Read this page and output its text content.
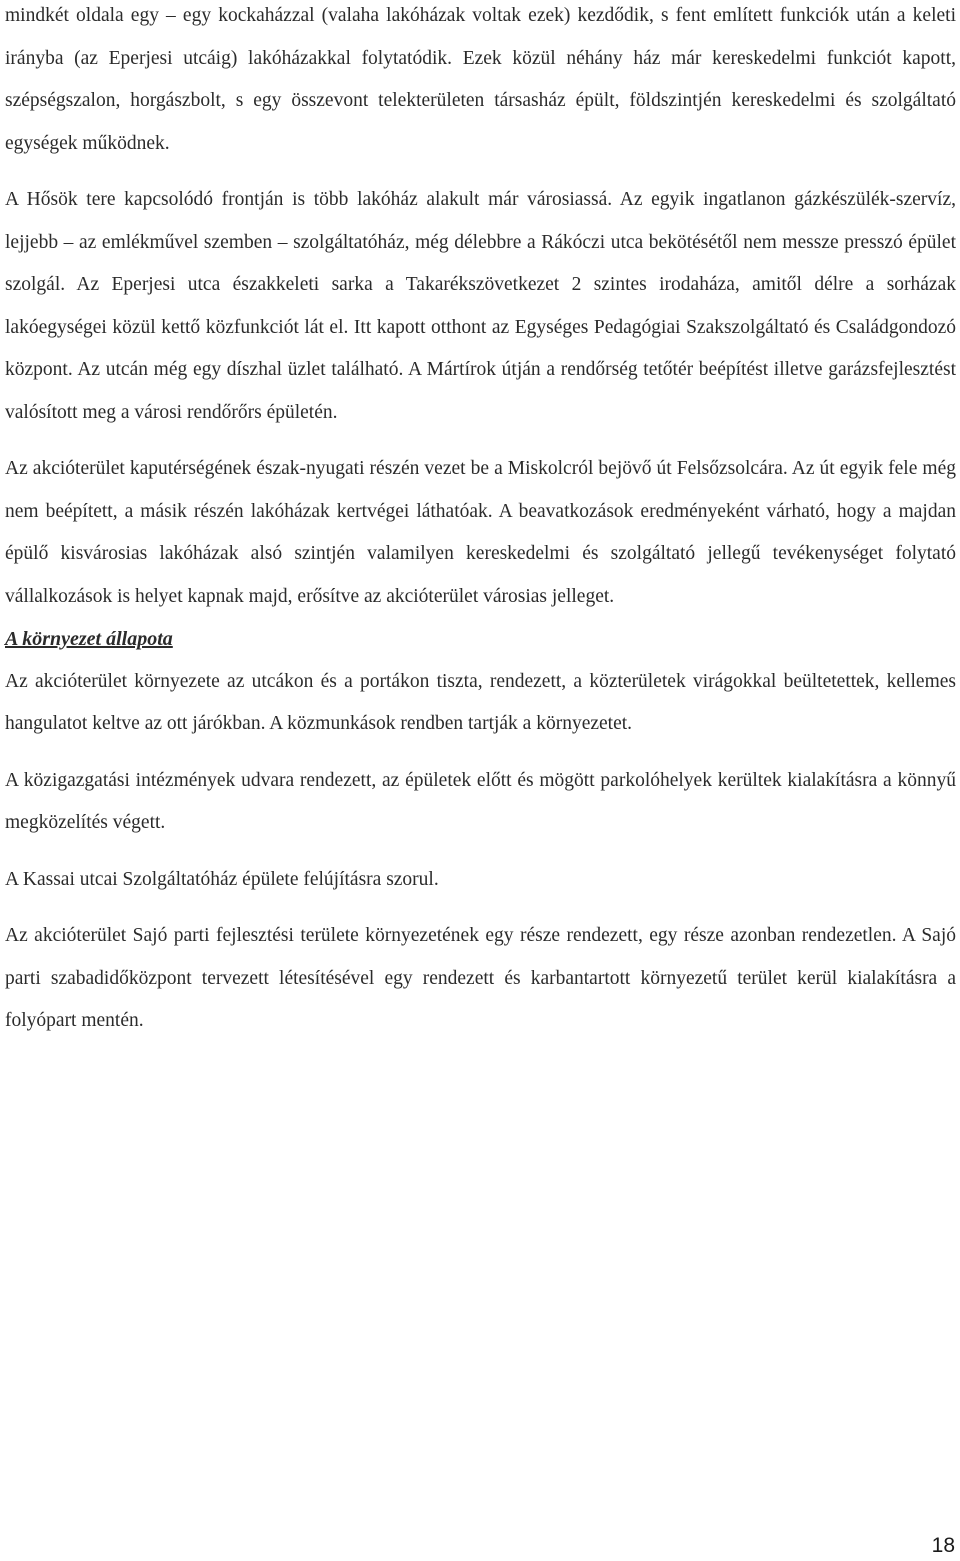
mindkét oldala egy – egy kockaházzal (valaha lakóházak voltak ezek) kezdődik, s fent említett funkciók után a keleti irányba (az Eperjesi utcáig) lakóházakkal folytatódik. Ezek közül néhány ház már kereskedelmi funkciót kapott, szépségszalon, horgászbolt, s egy összevont telekterületen társasház épült, földszintjén kereskedelmi és szolgáltató egységek működnek.

A Hősök tere kapcsolódó frontján is több lakóház alakult már városiassá. Az egyik ingatlanon gázkészülék-szervíz, lejjebb – az emlékművel szemben – szolgáltatóház, még délebbre a Rákóczi utca bekötésétől nem messze presszó épület szolgál. Az Eperjesi utca északkeleti sarka a Takarékszövetkezet 2 szintes irodaháza, amitől délre a sorházak lakóegységei közül kettő közfunkciót lát el. Itt kapott otthont az Egységes Pedagógiai Szakszolgáltató és Családgondozó központ. Az utcán még egy díszhal üzlet található. A Mártírok útján a rendőrség tetőtér beépítést illetve garázsfejlesztést valósított meg a városi rendőrőrs épületén.

Az akcióterület kaputérségének észak-nyugati részén vezet be a Miskolcról bejövő út Felsőzsolcára. Az út egyik fele még nem beépített, a másik részén lakóházak kertvégei láthatóak. A beavatkozások eredményeként várható, hogy a majdan épülő kisvárosias lakóházak alsó szintjén valamilyen kereskedelmi és szolgáltató jellegű tevékenységet folytató vállalkozások is helyet kapnak majd, erősítve az akcióterület városias jelleget.

A környezet állapota

Az akcióterület környezete az utcákon és a portákon tiszta, rendezett, a közterületek virágokkal beültetettek, kellemes hangulatot keltve az ott járókban. A közmunkások rendben tartják a környezetet.

A közigazgatási intézmények udvara rendezett, az épületek előtt és mögött parkolóhelyek kerültek kialakításra a könnyű megközelítés végett.

A Kassai utcai Szolgáltatóház épülete felújításra szorul.

Az akcióterület Sajó parti fejlesztési területe környezetének egy része rendezett, egy része azonban rendezetlen. A Sajó parti szabadidőközpont tervezett létesítésével egy rendezett és karbantartott környezetű terület kerül kialakításra a folyópart mentén.

18
